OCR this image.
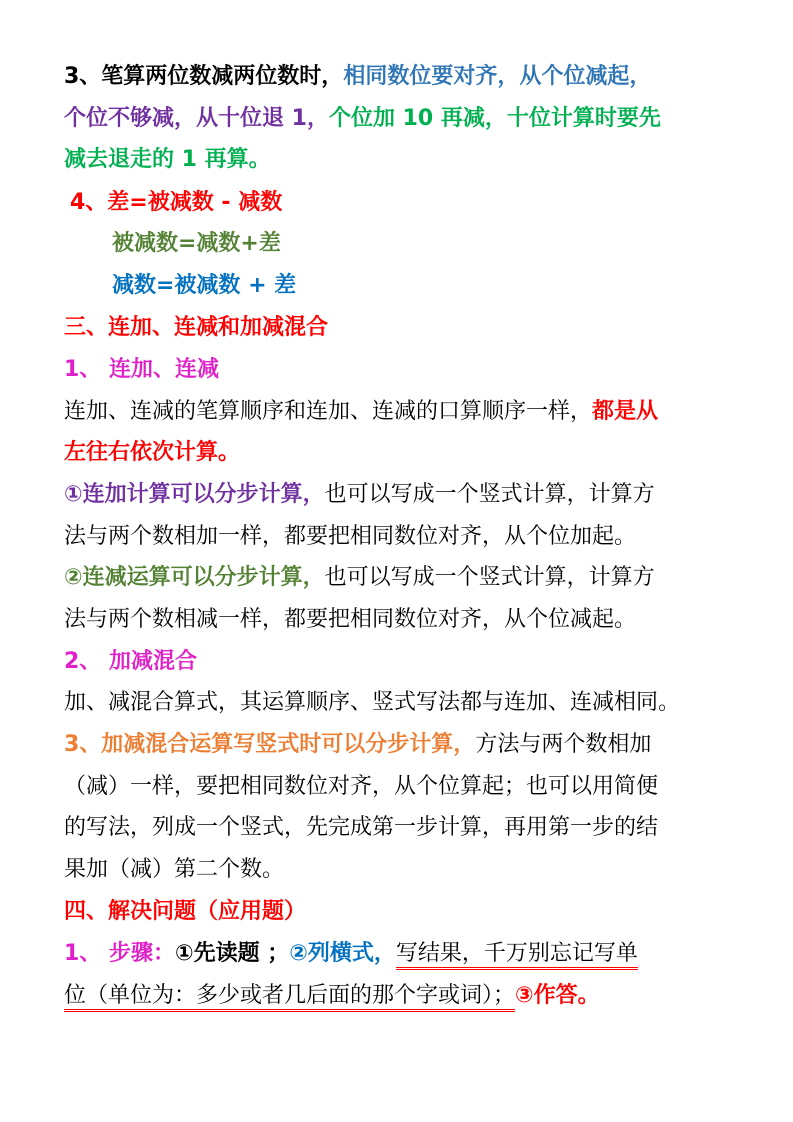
3、笔算两位数减两位数时，相同数位要对齐，从个位减起，
个位不够减，从十位退 1，个位加 10 再减，十位计算时要先
减去退走的 1 再算。
4、差=被减数 - 减数
被减数=减数+差
减数=被减数 + 差
三、连加、连减和加减混合
1、 连加、连减
连加、连减的笔算顺序和连加、连减的口算顺序一样，都是从
左往右依次计算。
①连加计算可以分步计算，也可以写成一个竖式计算，计算方
法与两个数相加一样，都要把相同数位对齐，从个位加起。
②连减运算可以分步计算，也可以写成一个竖式计算，计算方
法与两个数相减一样，都要把相同数位对齐，从个位减起。
2、 加减混合
加、减混合算式，其运算顺序、竖式写法都与连加、连减相同。
3、加减混合运算写竖式时可以分步计算，方法与两个数相加
（减）一样，要把相同数位对齐，从个位算起；也可以用简便
的写法，列成一个竖式，先完成第一步计算，再用第一步的结
果加（减）第二个数。
四、解决问题（应用题）
1、 步骤：①先读题 ；②列横式，写结果，千万别忘记写单
位（单位为：多少或者几后面的那个字或词）；③作答。
